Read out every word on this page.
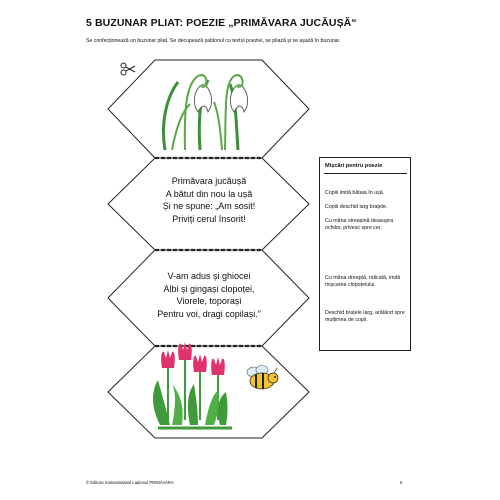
5 BUZUNAR PLIAT: POEZIE „PRIMĂVARA JUCĂUȘĂ“
Se confecționează un buzunar pliat. Se decupează șablonul cu textul poeziei, se pliază și se așază în buzunar.
Primăvara jucăușă
A bătut din nou la ușă
Și ne spune: „Am sosit!
Priviți cerul însorit!
V-am adus și ghiocei
Albi și gingași clopoței,
Viorele, toporași
Pentru voi, dragi copilași.”
Mișcări pentru poezie
Copiii imită bătaia în ușă.
Copiii deschid larg brațele.
Cu mâna streașină deasupra ochilor, privesc spre cer.
Cu mâna dreaptă, ridicată, imită mișcarea clopoțelului.
Deschid brațele larg, arătând spre mulțimea de copii.
© Editura Samantasasul Lapionul PRIMĂVARA	5
